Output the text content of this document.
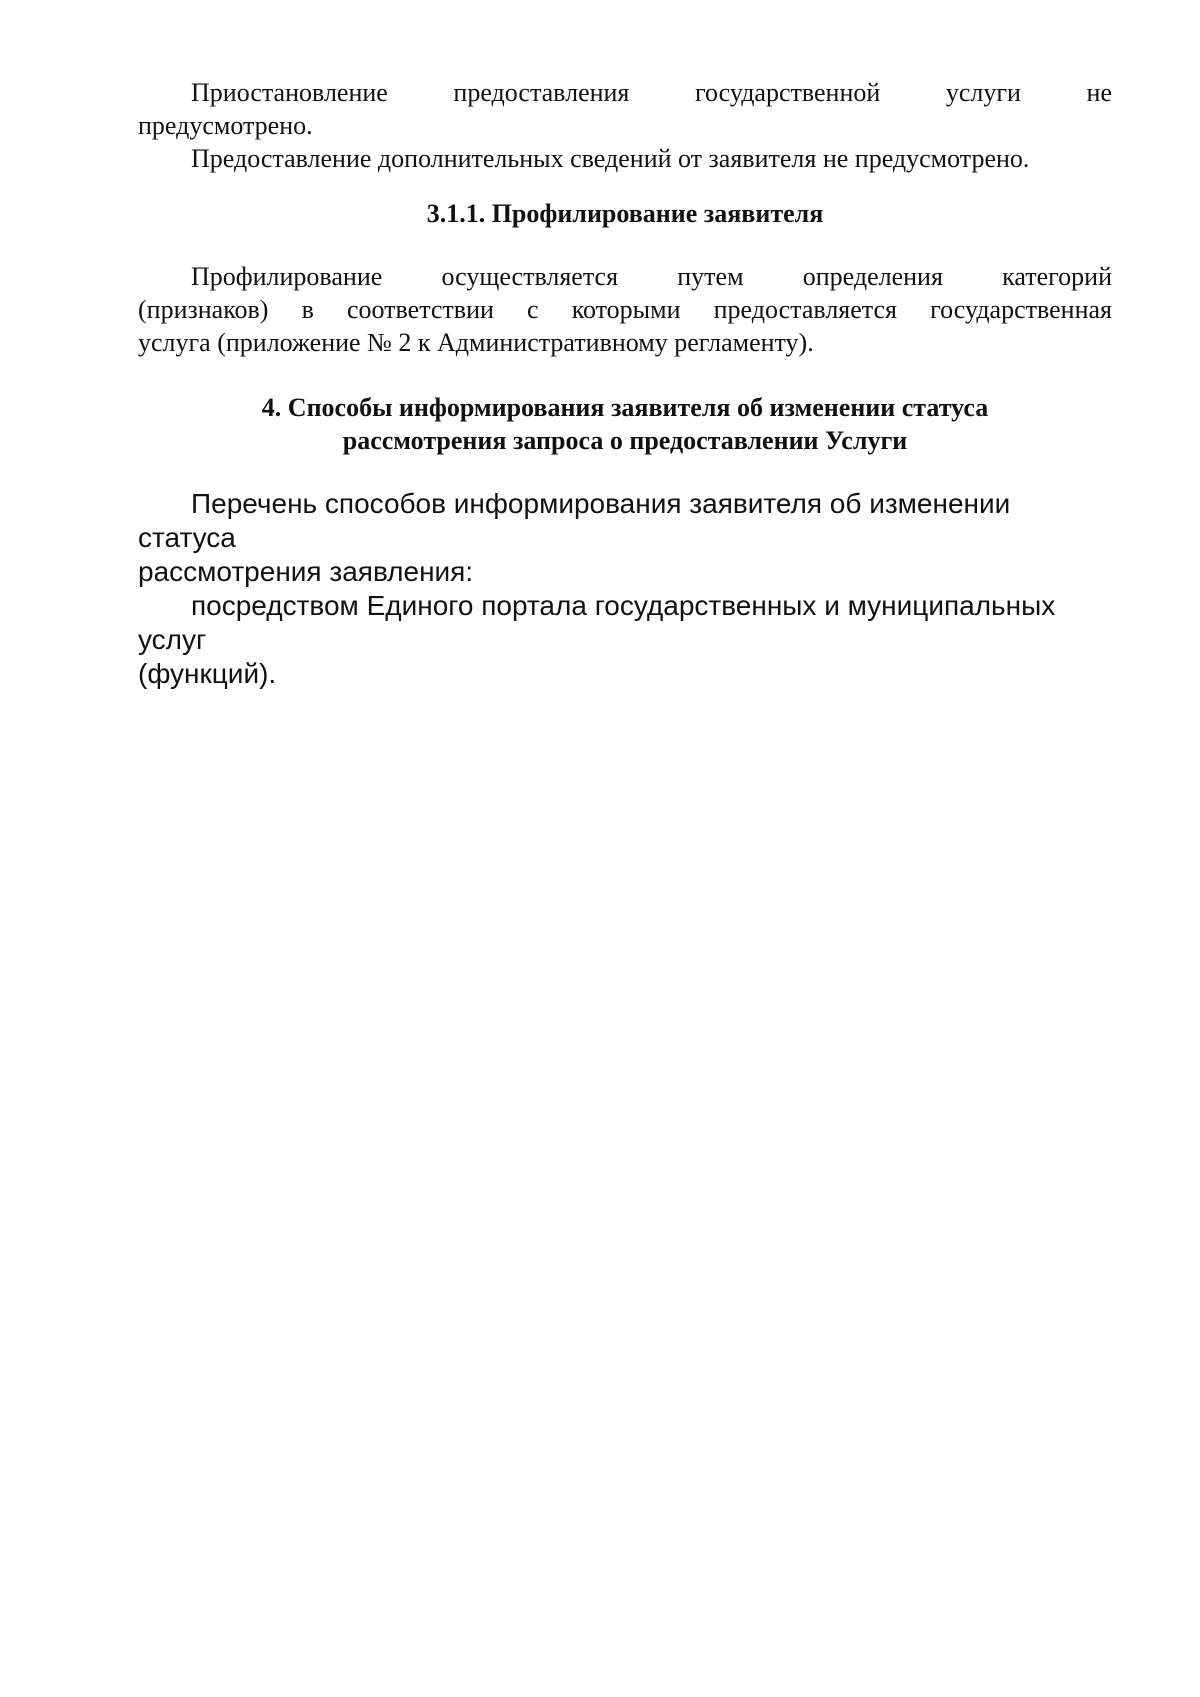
Приостановление предоставления государственной услуги не

предусмотрено.

Предоставление дополнительных сведений от заявителя не предусмотрено.

3.1.1. Профилирование заявителя

Профилирование осуществляется путем определения категорий

(признаков) в соответствии с которыми предоставляется государственная

услуга (приложение № 2 к Административному регламенту).

4. Способы информирования заявителя об изменении статуса

рассмотрения запроса о предоставлении Услуги

Перечень способов информирования заявителя об изменении статуса

рассмотрения заявления:

посредством Единого портала государственных и муниципальных услуг

(функций).
